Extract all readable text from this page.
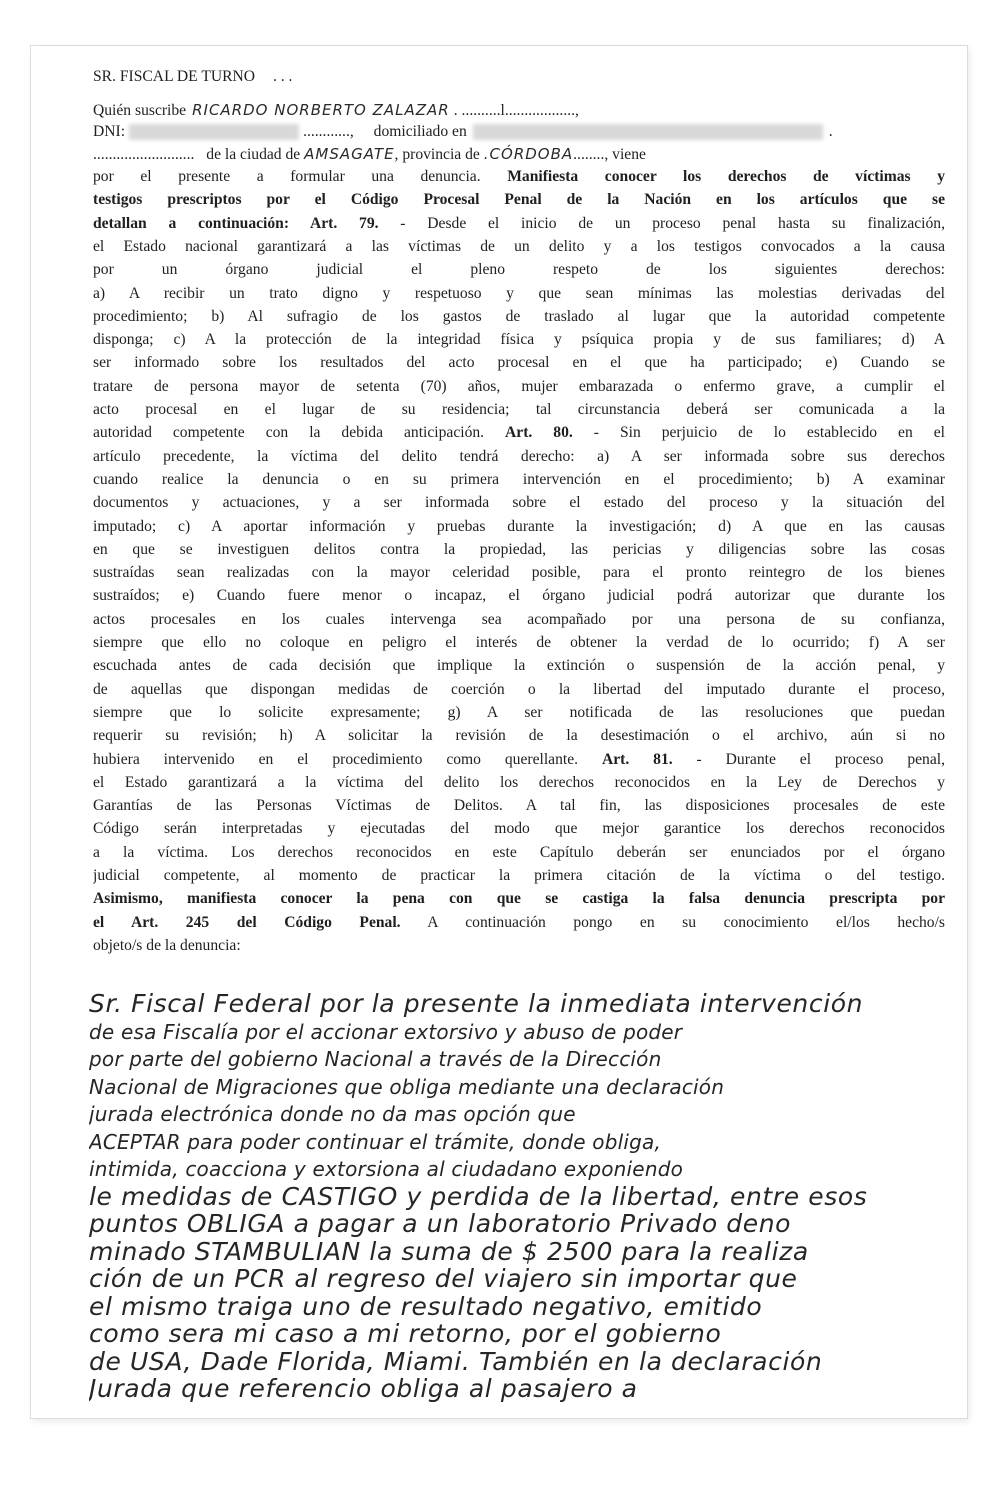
SR. FISCAL DE TURNO . . .
Quién suscribe RICARDO NORBERTO ZALAZAR . ..........l..................,
DNI:	............, domiciliado en	.
.......................... de la ciudad de AMSAGATE, provincia de .CÓRDOBA........, viene
por el presente a formular una denuncia. Manifiesta conocer los derechos de víctimas y
testigos prescriptos por el Código Procesal Penal de la Nación en los artículos que se
detallan a continuación: Art. 79. - Desde el inicio de un proceso penal hasta su finalización,
el Estado nacional garantizará a las víctimas de un delito y a los testigos convocados a la causa
por un órgano judicial el pleno respeto de los siguientes derechos:
a) A recibir un trato digno y respetuoso y que sean mínimas las molestias derivadas del
procedimiento; b) Al sufragio de los gastos de traslado al lugar que la autoridad competente
disponga; c) A la protección de la integridad física y psíquica propia y de sus familiares; d) A
ser informado sobre los resultados del acto procesal en el que ha participado; e) Cuando se
tratare de persona mayor de setenta (70) años, mujer embarazada o enfermo grave, a cumplir el
acto procesal en el lugar de su residencia; tal circunstancia deberá ser comunicada a la
autoridad competente con la debida anticipación. Art. 80. - Sin perjuicio de lo establecido en el
artículo precedente, la víctima del delito tendrá derecho: a) A ser informada sobre sus derechos
cuando realice la denuncia o en su primera intervención en el procedimiento; b) A examinar
documentos y actuaciones, y a ser informada sobre el estado del proceso y la situación del
imputado; c) A aportar información y pruebas durante la investigación; d) A que en las causas
en que se investiguen delitos contra la propiedad, las pericias y diligencias sobre las cosas
sustraídas sean realizadas con la mayor celeridad posible, para el pronto reintegro de los bienes
sustraídos; e) Cuando fuere menor o incapaz, el órgano judicial podrá autorizar que durante los
actos procesales en los cuales intervenga sea acompañado por una persona de su confianza,
siempre que ello no coloque en peligro el interés de obtener la verdad de lo ocurrido; f) A ser
escuchada antes de cada decisión que implique la extinción o suspensión de la acción penal, y
de aquellas que dispongan medidas de coerción o la libertad del imputado durante el proceso,
siempre que lo solicite expresamente; g) A ser notificada de las resoluciones que puedan
requerir su revisión; h) A solicitar la revisión de la desestimación o el archivo, aún si no
hubiera intervenido en el procedimiento como querellante. Art. 81. - Durante el proceso penal,
el Estado garantizará a la víctima del delito los derechos reconocidos en la Ley de Derechos y
Garantías de las Personas Víctimas de Delitos. A tal fin, las disposiciones procesales de este
Código serán interpretadas y ejecutadas del modo que mejor garantice los derechos reconocidos
a la víctima. Los derechos reconocidos en este Capítulo deberán ser enunciados por el órgano
judicial competente, al momento de practicar la primera citación de la víctima o del testigo.
Asimismo, manifiesta conocer la pena con que se castiga la falsa denuncia prescripta por
el Art. 245 del Código Penal. A continuación pongo en su conocimiento el/los hecho/s
objeto/s de la denuncia:
Sr. Fiscal Federal por la presente la inmediata intervención
de esa Fiscalía por el accionar extorsivo y abuso de poder
por parte del gobierno Nacional a través de la Dirección
Nacional de Migraciones que obliga mediante una declaración
jurada electrónica donde no da mas opción que
ACEPTAR para poder continuar el trámite, donde obliga,
intimida, coacciona y extorsiona al ciudadano exponiendo
le medidas de CASTIGO y perdida de la libertad, entre esos
puntos OBLIGA a pagar a un laboratorio Privado deno
minado STAMBULIAN la suma de $ 2500 para la realiza
ción de un PCR al regreso del viajero sin importar que
el mismo traiga uno de resultado negativo, emitido
como sera mi caso a mi retorno, por el gobierno
de USA, Dade Florida, Miami. También en la declaración
Jurada que referencio obliga al pasajero a
